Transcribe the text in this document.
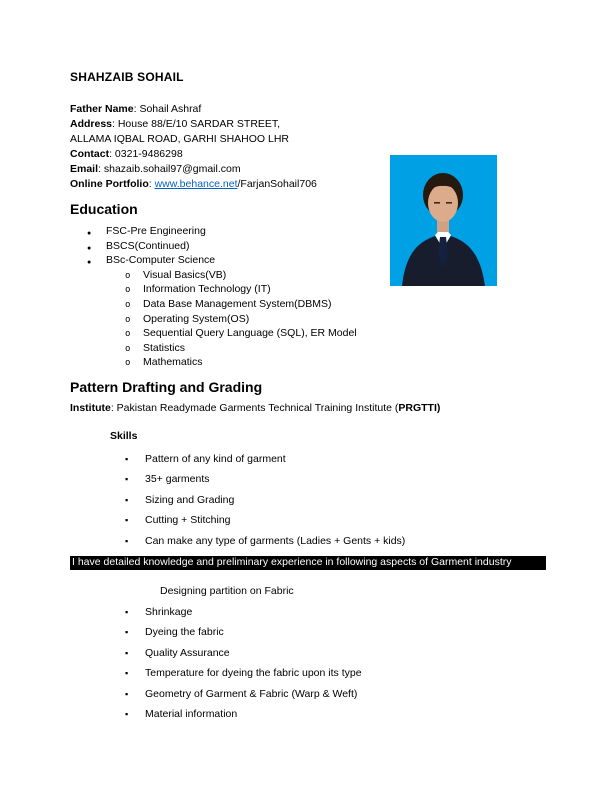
SHAHZAIB SOHAIL
Father Name: Sohail Ashraf
Address: House 88/E/10 SARDAR STREET,
ALLAMA IQBAL ROAD, GARHI SHAHOO LHR
Contact: 0321-9486298
Email: shazaib.sohail97@gmail.com
Online Portfolio: www.behance.net/FarjanSohail706
Education
● FSC-Pre Engineering
● BSCS(Continued)
● BSc-Computer Science
o Visual Basics(VB)
o Information Technology (IT)
o Data Base Management System(DBMS)
o Operating System(OS)
o Sequential Query Language (SQL), ER Model
o Statistics
o Mathematics
Pattern Drafting and Grading
Institute: Pakistan Readymade Garments Technical Training Institute (PRGTTI)
Skills
▪ Pattern of any kind of garment
▪ 35+ garments
▪ Sizing and Grading
▪ Cutting + Stitching
▪ Can make any type of garments (Ladies + Gents + kids)
I have detailed knowledge and preliminary experience in following aspects of Garment industry
Designing partition on Fabric
▪ Shrinkage
▪ Dyeing the fabric
▪ Quality Assurance
▪ Temperature for dyeing the fabric upon its type
▪ Geometry of Garment & Fabric (Warp & Weft)
▪ Material information
